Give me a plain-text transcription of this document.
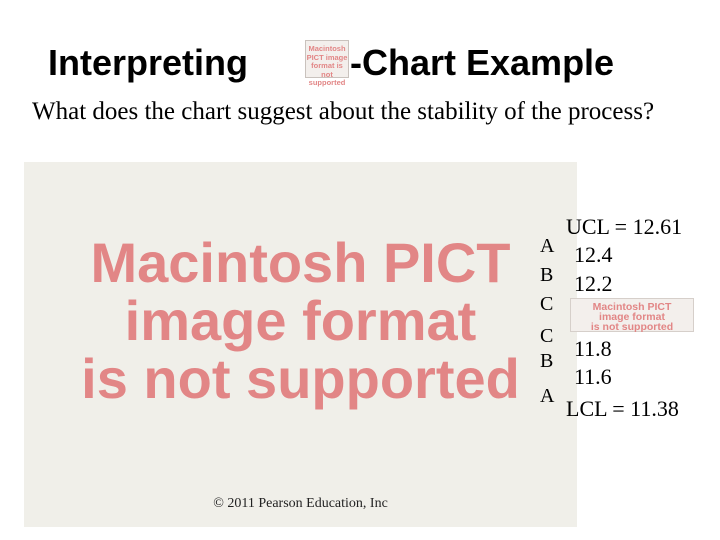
Interpreting	Macintosh PICT image format is not supported -Chart Example
What does the chart suggest about the stability of the process?
Macintosh PICT
image format
is not supported
© 2011 Pearson Education, Inc
A
B
C
C
B
A
UCL = 12.61
12.4
12.2
Macintosh PICT
image format
is not supported
11.8
11.6
LCL = 11.38
